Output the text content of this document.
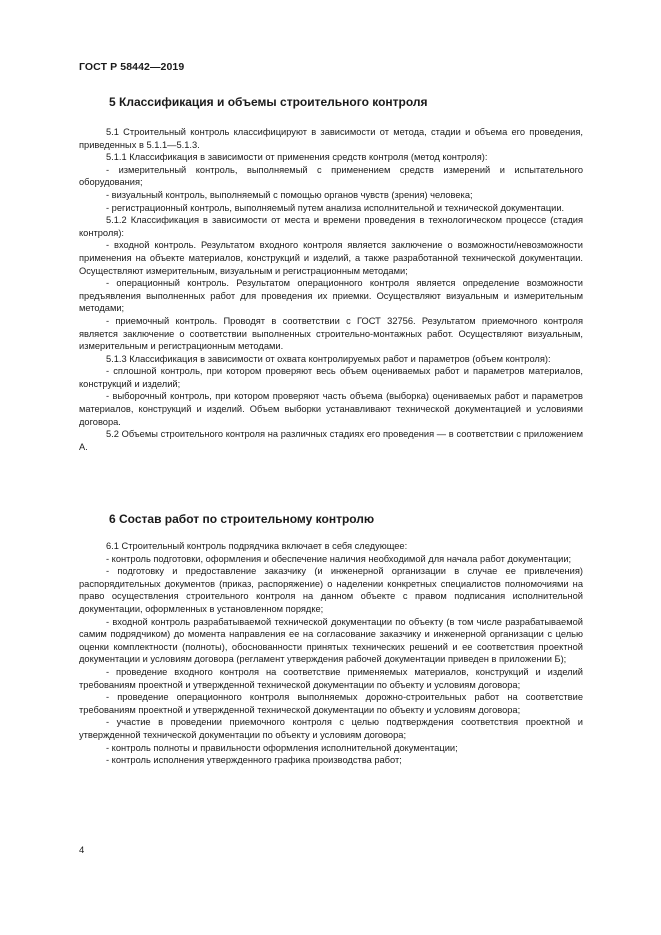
ГОСТ Р 58442—2019
5 Классификация и объемы строительного контроля

5.1 Строительный контроль классифицируют в зависимости от метода, стадии и объема его проведения, приведенных в 5.1.1—5.1.3.

5.1.1 Классификация в зависимости от применения средств контроля (метод контроля):

- измерительный контроль, выполняемый с применением средств измерений и испытательного оборудования;

- визуальный контроль, выполняемый с помощью органов чувств (зрения) человека;

- регистрационный контроль, выполняемый путем анализа исполнительной и технической документации.

5.1.2 Классификация в зависимости от места и времени проведения в технологическом процессе (стадия контроля):

- входной контроль. Результатом входного контроля является заключение о возможности/невозможности применения на объекте материалов, конструкций и изделий, а также разработанной технической документации. Осуществляют измерительным, визуальным и регистрационным методами;

- операционный контроль. Результатом операционного контроля является определение возможности предъявления выполненных работ для проведения их приемки. Осуществляют визуальным и измерительным методами;

- приемочный контроль. Проводят в соответствии с ГОСТ 32756. Результатом приемочного контроля является заключение о соответствии выполненных строительно-монтажных работ. Осуществляют визуальным, измерительным и регистрационным методами.

5.1.3 Классификация в зависимости от охвата контролируемых работ и параметров (объем контроля):

- сплошной контроль, при котором проверяют весь объем оцениваемых работ и параметров материалов, конструкций и изделий;

- выборочный контроль, при котором проверяют часть объема (выборка) оцениваемых работ и параметров материалов, конструкций и изделий. Объем выборки устанавливают технической документацией и условиями договора.

5.2 Объемы строительного контроля на различных стадиях его проведения — в соответствии с приложением А.

6 Состав работ по строительному контролю

6.1 Строительный контроль подрядчика включает в себя следующее:

- контроль подготовки, оформления и обеспечение наличия необходимой для начала работ документации;

- подготовку и предоставление заказчику (и инженерной организации в случае ее привлечения) распорядительных документов (приказ, распоряжение) о наделении конкретных специалистов полномочиями на право осуществления строительного контроля на данном объекте с правом подписания исполнительной документации, оформленных в установленном порядке;

- входной контроль разрабатываемой технической документации по объекту (в том числе разрабатываемой самим подрядчиком) до момента направления ее на согласование заказчику и инженерной организации с целью оценки комплектности (полноты), обоснованности принятых технических решений и ее соответствия проектной документации и условиям договора (регламент утверждения рабочей документации приведен в приложении Б);

- проведение входного контроля на соответствие применяемых материалов, конструкций и изделий требованиям проектной и утвержденной технической документации по объекту и условиям договора;

- проведение операционного контроля выполняемых дорожно-строительных работ на соответствие требованиям проектной и утвержденной технической документации по объекту и условиям договора;

- участие в проведении приемочного контроля с целью подтверждения соответствия проектной и утвержденной технической документации по объекту и условиям договора;

- контроль полноты и правильности оформления исполнительной документации;

- контроль исполнения утвержденного графика производства работ;

4
